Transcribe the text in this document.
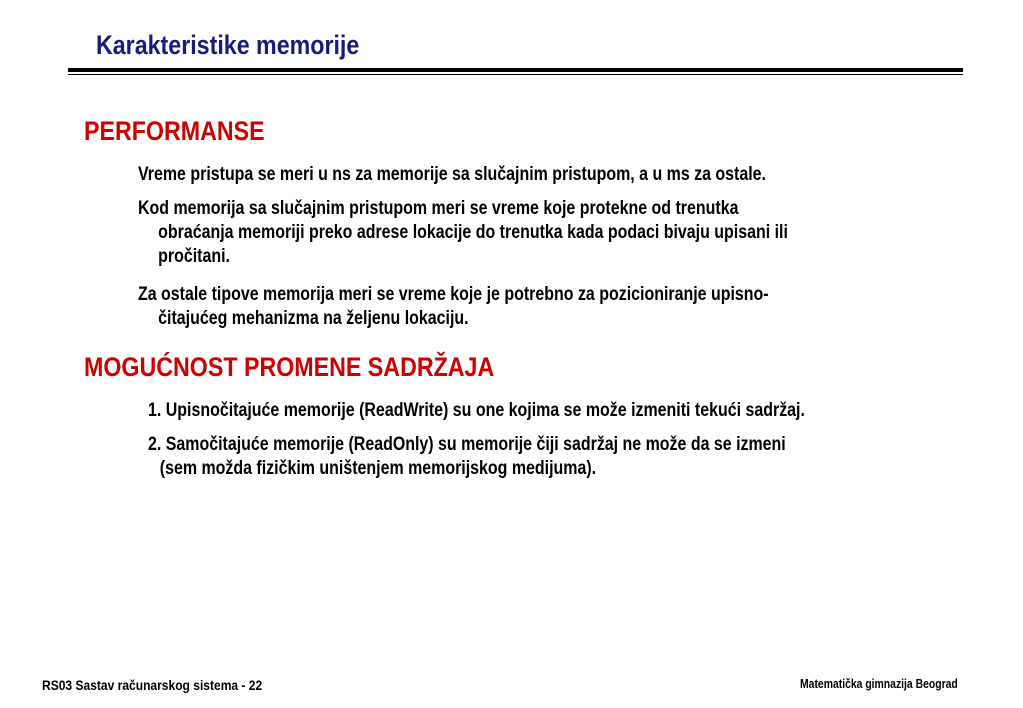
Karakteristike memorije
PERFORMANSE
Vreme pristupa se meri u ns za memorije sa slučajnim pristupom, a u ms za ostale.
Kod memorija sa slučajnim pristupom meri se vreme koje protekne od trenutka
obraćanja memoriji preko adrese lokacije do trenutka kada podaci bivaju upisani ili
pročitani.
Za ostale tipove memorija meri se vreme koje je potrebno za pozicioniranje upisno-
čitajućeg mehanizma na željenu lokaciju.
MOGUĆNOST PROMENE SADRŽAJA
1. Upisnočitajuće memorije (ReadWrite) su one kojima se može izmeniti tekući sadržaj.
2. Samočitajuće memorije (ReadOnly) su memorije čiji sadržaj ne može da se izmeni
(sem možda fizičkim uništenjem memorijskog medijuma).
RS03 Sastav računarskog sistema - 22	Matematička gimnazija Beograd
